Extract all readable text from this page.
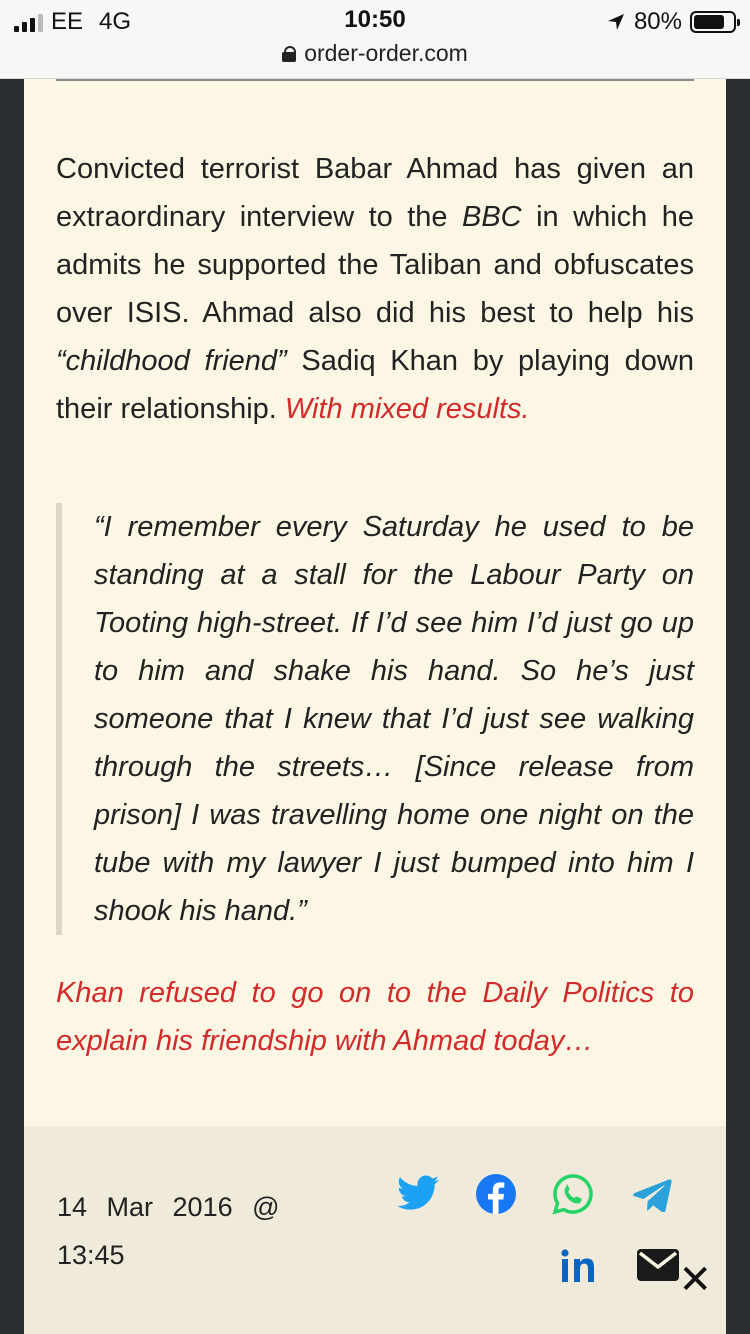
EE 4G	10:50	80%
order-order.com

Convicted terrorist Babar Ahmad has given an extraordinary interview to the BBC in which he admits he supported the Taliban and obfuscates over ISIS. Ahmad also did his best to help his “childhood friend” Sadiq Khan by playing down their relationship. With mixed results.

“I remember every Saturday he used to be standing at a stall for the Labour Party on Tooting high-street. If I’d see him I’d just go up to him and shake his hand. So he’s just someone that I knew that I’d just see walking through the streets… [Since release from prison] I was travelling home one night on the tube with my lawyer I just bumped into him I shook his hand.”
Khan refused to go on to the Daily Politics to explain his friendship with Ahmad today…
14 Mar 2016 @ 13:45
✕
